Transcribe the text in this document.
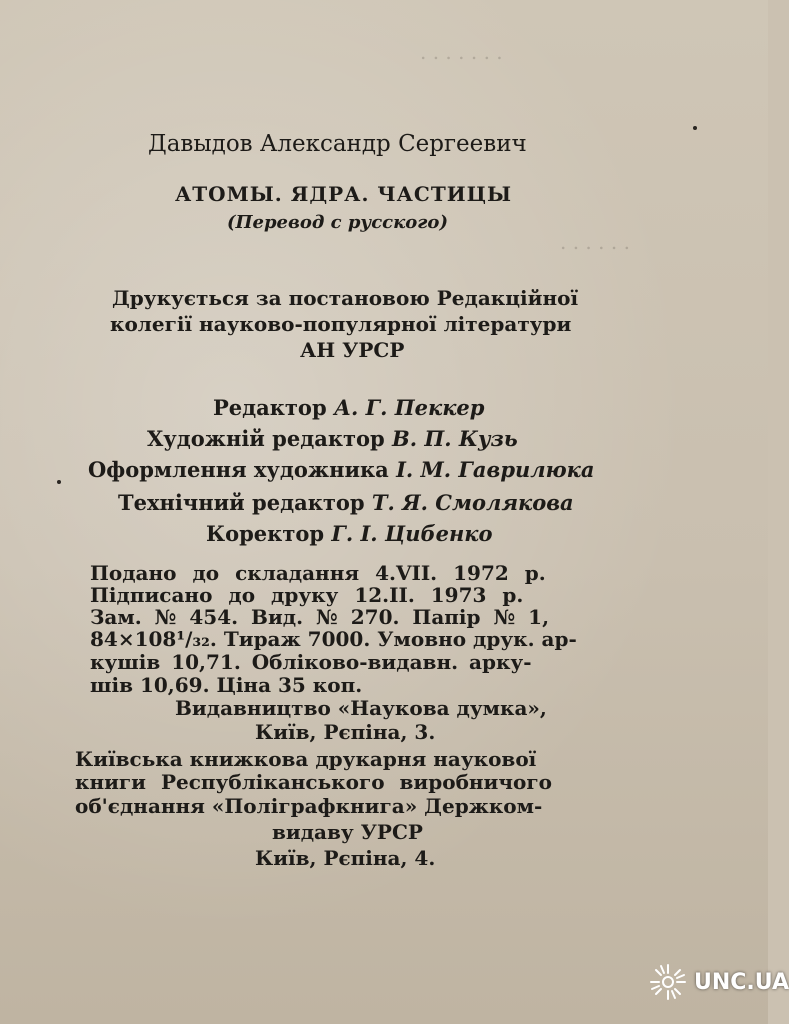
. . . . . . .
. . . . . .
Давыдов Александр Сергеевич
АТОМЫ. ЯДРА. ЧАСТИЦЫ
(Перевод с русского)
Друкується за постановою Редакційної
колегії науково-популярної літератури
АН УРСР
Редактор А. Г. Пеккер
Художній редактор В. П. Кузь
Оформлення художника І. М. Гаврилюка
Технічний редактор Т. Я. Смолякова
Коректор Г. І. Цибенко
Подано до складання 4.VII. 1972 р.
Підписано до друку 12.II. 1973 р.
Зам. № 454. Вид. № 270. Папір № 1,
84×108¹/₃₂. Тираж 7000. Умовно друк. ар-
кушів 10,71. Обліково-видавн. арку-
шів 10,69. Ціна 35 коп.
Видавництво «Наукова думка»,
Київ, Рєпіна, 3.
Київська книжкова друкарня наукової
книги Республіканського виробничого
об'єднання «Поліграфкнига» Держком-
видаву УРСР
Київ, Рєпіна, 4.
UNC.UA
